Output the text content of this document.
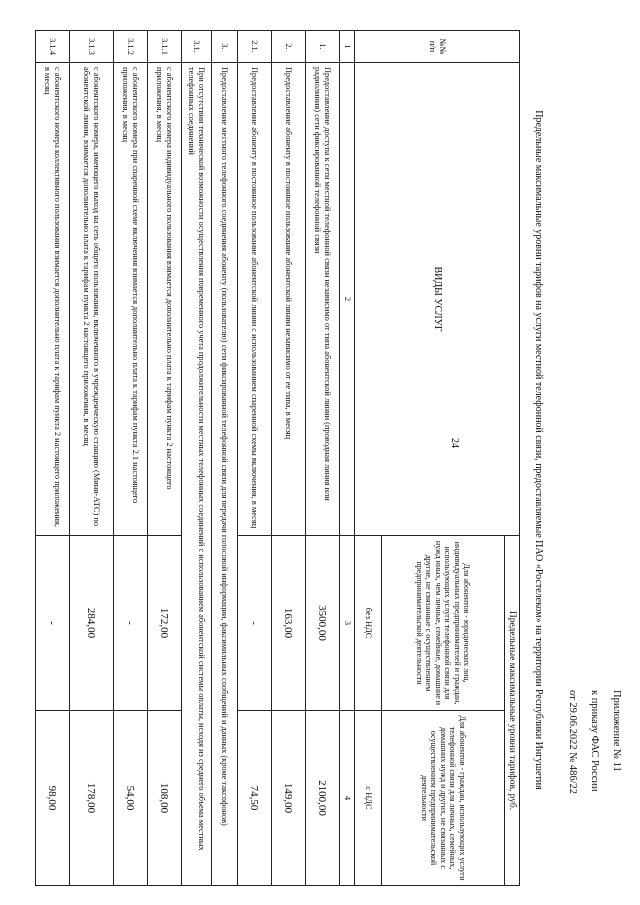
Приложение № 11
к приказу ФАС России
от 29.06.2022 № 486/22
24	Предельные максимальные уровни тарифов на услуги местной телефонной связи, предоставляемые ПАО «Ростелеком» на территории Республики Ингушетия
№№ п/п	ВИДЫ УСЛУГ	Предельные максимальные уровни тарифов, руб.	
		Для абонентов - юридических лиц, индивидуальных предпринимателей и граждан, использующих услуги телефонной связи для нужд иных, чем личные, семейные, домашние и другие, не связанные с осуществлением предпринимательской деятельности	Для абонентов - граждан, использующих услуги телефонной связи для личных, семейных, домашних нужд и других, не связанных с осуществлением предпринимательской деятельности
		без НДС	с НДС
1	2	3	4
1.	Предоставление доступа к сети местной телефонной связи независимо от типа абонентской линии (проводная линия или радиолиния) сети фиксированной телефонной связи	3500,00	2100,00
2.	Предоставление абоненту в постоянное пользование абонентской линии независимо от ее типа, в месяц	163,00	149,00
2.1.	Предоставление абоненту в постоянное пользование абонентской линии с использованием спаренной схемы включения, в месяц	-	74,50
3.	Предоставление местного телефонного соединения абоненту (пользователю) сети фиксированной телефонной связи для передачи голосовой информации, факсимильных сообщений и данных (кроме таксофонов)		
3.1.	При отсутствии технической возможности осуществления повременного учета продолжительности местных телефонных соединений с использованием абонентской системы оплаты, исходя из среднего объема местных телефонных соединений		
3.1.1	с абонентского номера индивидуального пользования взимается дополнительно плата к тарифам пункта 2 настоящего приложения, в месяц	172,00	108,00
3.1.2	с абонентского номера при спаренной схеме включения взимается дополнительно плата к тарифам пункта 2.1 настоящего приложения, в месяц	-	54,00
3.1.3	с абонентского номера, имеющего выход на сеть общего пользования, включенного в учрежденческую станцию (Мини-АТС) по абонентской линии, взимается дополнительно плата к тарифам пункта 2 настоящего приложения, в месяц	284,00	178,00
3.1.4	с абонентского номера коллективного пользования взимается дополнительно плата к тарифам пункта 2 настоящего приложения, в месяц	-	98,00
